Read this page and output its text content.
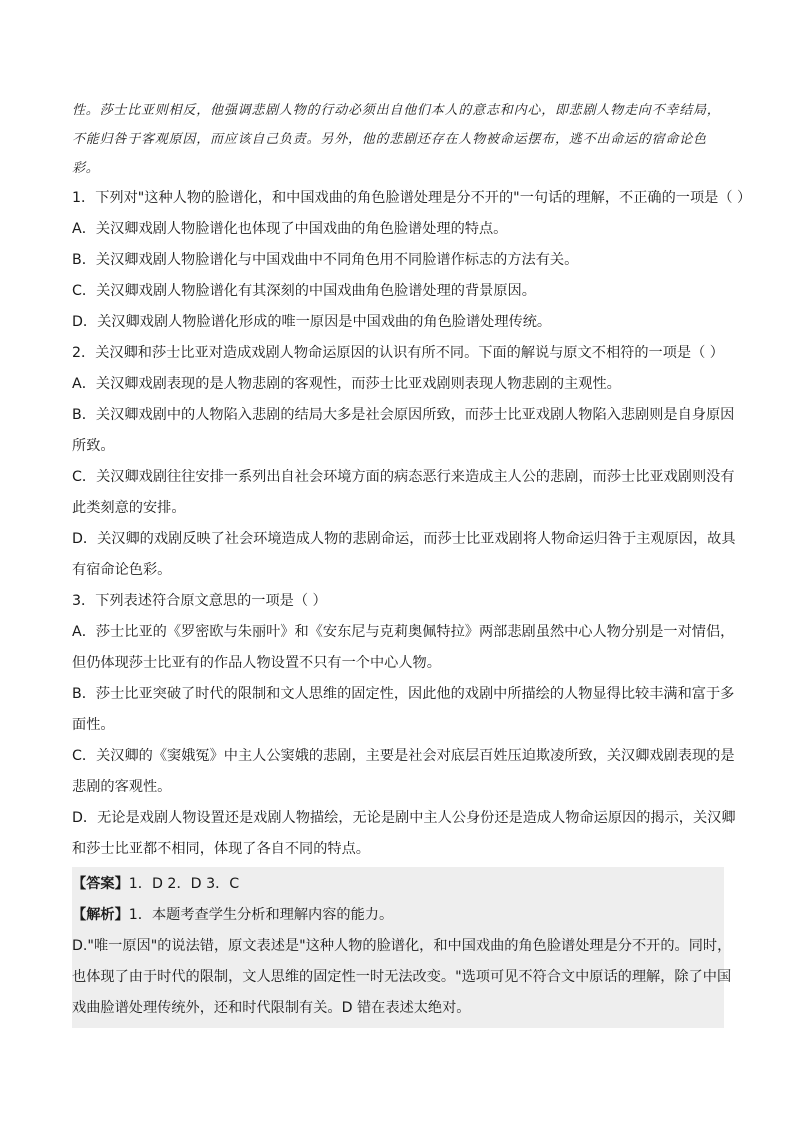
性。莎士比亚则相反，他强调悲剧人物的行动必须出自他们本人的意志和内心，即悲剧人物走向不幸结局，

不能归咎于客观原因，而应该自己负责。另外，他的悲剧还存在人物被命运摆布，逃不出命运的宿命论色

彩。

1．下列对"这种人物的脸谱化，和中国戏曲的角色脸谱处理是分不开的"一句话的理解，不正确的一项是（ ）

A．关汉卿戏剧人物脸谱化也体现了中国戏曲的角色脸谱处理的特点。

B．关汉卿戏剧人物脸谱化与中国戏曲中不同角色用不同脸谱作标志的方法有关。

C．关汉卿戏剧人物脸谱化有其深刻的中国戏曲角色脸谱处理的背景原因。

D．关汉卿戏剧人物脸谱化形成的唯一原因是中国戏曲的角色脸谱处理传统。

2．关汉卿和莎士比亚对造成戏剧人物命运原因的认识有所不同。下面的解说与原文不相符的一项是（ ）

A．关汉卿戏剧表现的是人物悲剧的客观性，而莎士比亚戏剧则表现人物悲剧的主观性。

B．关汉卿戏剧中的人物陷入悲剧的结局大多是社会原因所致，而莎士比亚戏剧人物陷入悲剧则是自身原因

所致。

C．关汉卿戏剧往往安排一系列出自社会环境方面的病态恶行来造成主人公的悲剧，而莎士比亚戏剧则没有

此类刻意的安排。

D．关汉卿的戏剧反映了社会环境造成人物的悲剧命运，而莎士比亚戏剧将人物命运归咎于主观原因，故具

有宿命论色彩。

3．下列表述符合原文意思的一项是（ ）

A．莎士比亚的《罗密欧与朱丽叶》和《安东尼与克莉奥佩特拉》两部悲剧虽然中心人物分别是一对情侣，

但仍体现莎士比亚有的作品人物设置不只有一个中心人物。

B．莎士比亚突破了时代的限制和文人思维的固定性，因此他的戏剧中所描绘的人物显得比较丰满和富于多

面性。

C．关汉卿的《窦娥冤》中主人公窦娥的悲剧，主要是社会对底层百姓压迫欺凌所致，关汉卿戏剧表现的是

悲剧的客观性。

D．无论是戏剧人物设置还是戏剧人物描绘，无论是剧中主人公身份还是造成人物命运原因的揭示，关汉卿

和莎士比亚都不相同，体现了各自不同的特点。

【答案】1．D 2．D 3．C

【解析】1．本题考查学生分析和理解内容的能力。

D."唯一原因"的说法错，原文表述是"这种人物的脸谱化，和中国戏曲的角色脸谱处理是分不开的。同时，

也体现了由于时代的限制，文人思维的固定性一时无法改变。"选项可见不符合文中原话的理解，除了中国

戏曲脸谱处理传统外，还和时代限制有关。D 错在表述太绝对。
